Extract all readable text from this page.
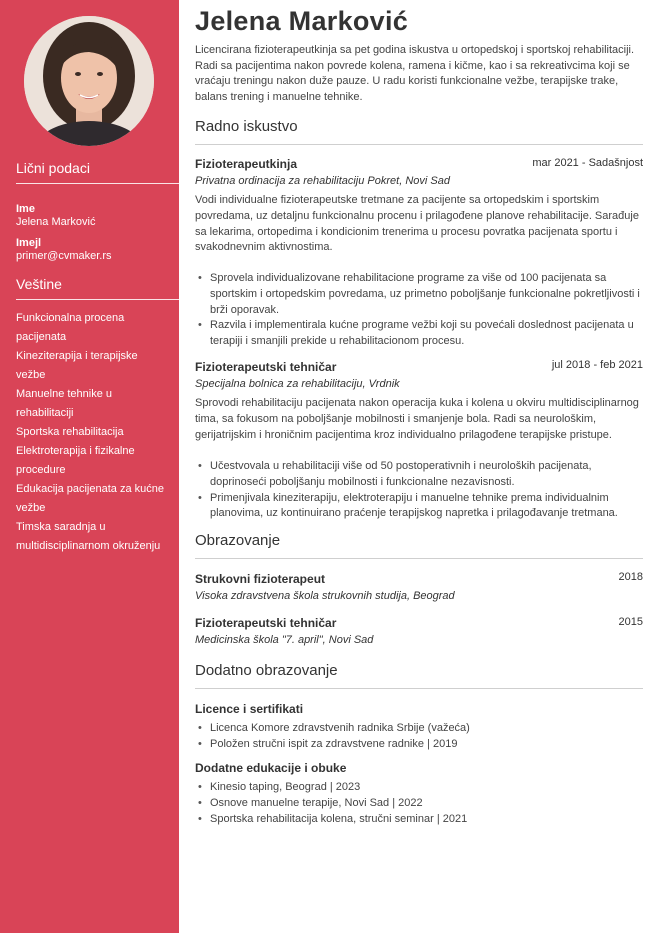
Lični podaci
Ime
Jelena Marković
Imejl
primer@cvmaker.rs
Veštine
Funkcionalna procena pacijenata
Kineziterapija i terapijske vežbe
Manuelne tehnike u rehabilitaciji
Sportska rehabilitacija
Elektroterapija i fizikalne procedure
Edukacija pacijenata za kućne vežbe
Timska saradnja u multidisciplinarnom okruženju
Jelena Marković

Licencirana fizioterapeutkinja sa pet godina iskustva u ortopedskoj i sportskoj rehabilitaciji. Radi sa pacijentima nakon povrede kolena, ramena i kičme, kao i sa rekreativcima koji se vraćaju treningu nakon duže pauze. U radu koristi funkcionalne vežbe, terapijske trake, balans trening i manuelne tehnike.

Radno iskustvo
Fizioterapeutkinja	mar 2021 - Sadašnjost
Privatna ordinacija za rehabilitaciju Pokret, Novi Sad

Vodi individualne fizioterapeutske tretmane za pacijente sa ortopedskim i sportskim povredama, uz detaljnu funkcionalnu procenu i prilagođene planove rehabilitacije. Sarađuje sa lekarima, ortopedima i kondicionim trenerima u procesu povratka pacijenata sportu i svakodnevnim aktivnostima.

• Sprovela individualizovane rehabilitacione programe za više od 100 pacijenata sa sportskim i ortopedskim povredama, uz primetno poboljšanje funkcionalne pokretljivosti i brži oporavak.
• Razvila i implementirala kućne programe vežbi koji su povećali doslednost pacijenata u terapiji i smanjili prekide u rehabilitacionom procesu.
Fizioterapeutski tehničar	jul 2018 - feb 2021
Specijalna bolnica za rehabilitaciju, Vrdnik

Sprovodi rehabilitaciju pacijenata nakon operacija kuka i kolena u okviru multidisciplinarnog tima, sa fokusom na poboljšanje mobilnosti i smanjenje bola. Radi sa neurološkim, gerijatrijskim i hroničnim pacijentima kroz individualno prilagođene terapijske pristupe.

• Učestvovala u rehabilitaciji više od 50 postoperativnih i neuroloških pacijenata, doprinoseći poboljšanju mobilnosti i funkcionalne nezavisnosti.
• Primenjivala kineziterapiju, elektroterapiju i manuelne tehnike prema individualnim planovima, uz kontinuirano praćenje terapijskog napretka i prilagođavanje tretmana.
Obrazovanje
Strukovni fizioterapeut	2018
Visoka zdravstvena škola strukovnih studija, Beograd
Fizioterapeutski tehničar	2015
Medicinska škola "7. april", Novi Sad
Dodatno obrazovanje
Licence i sertifikati
• Licenca Komore zdravstvenih radnika Srbije (važeća)
• Položen stručni ispit za zdravstvene radnike | 2019
Dodatne edukacije i obuke
• Kinesio taping, Beograd | 2023
• Osnove manuelne terapije, Novi Sad | 2022
• Sportska rehabilitacija kolena, stručni seminar | 2021
